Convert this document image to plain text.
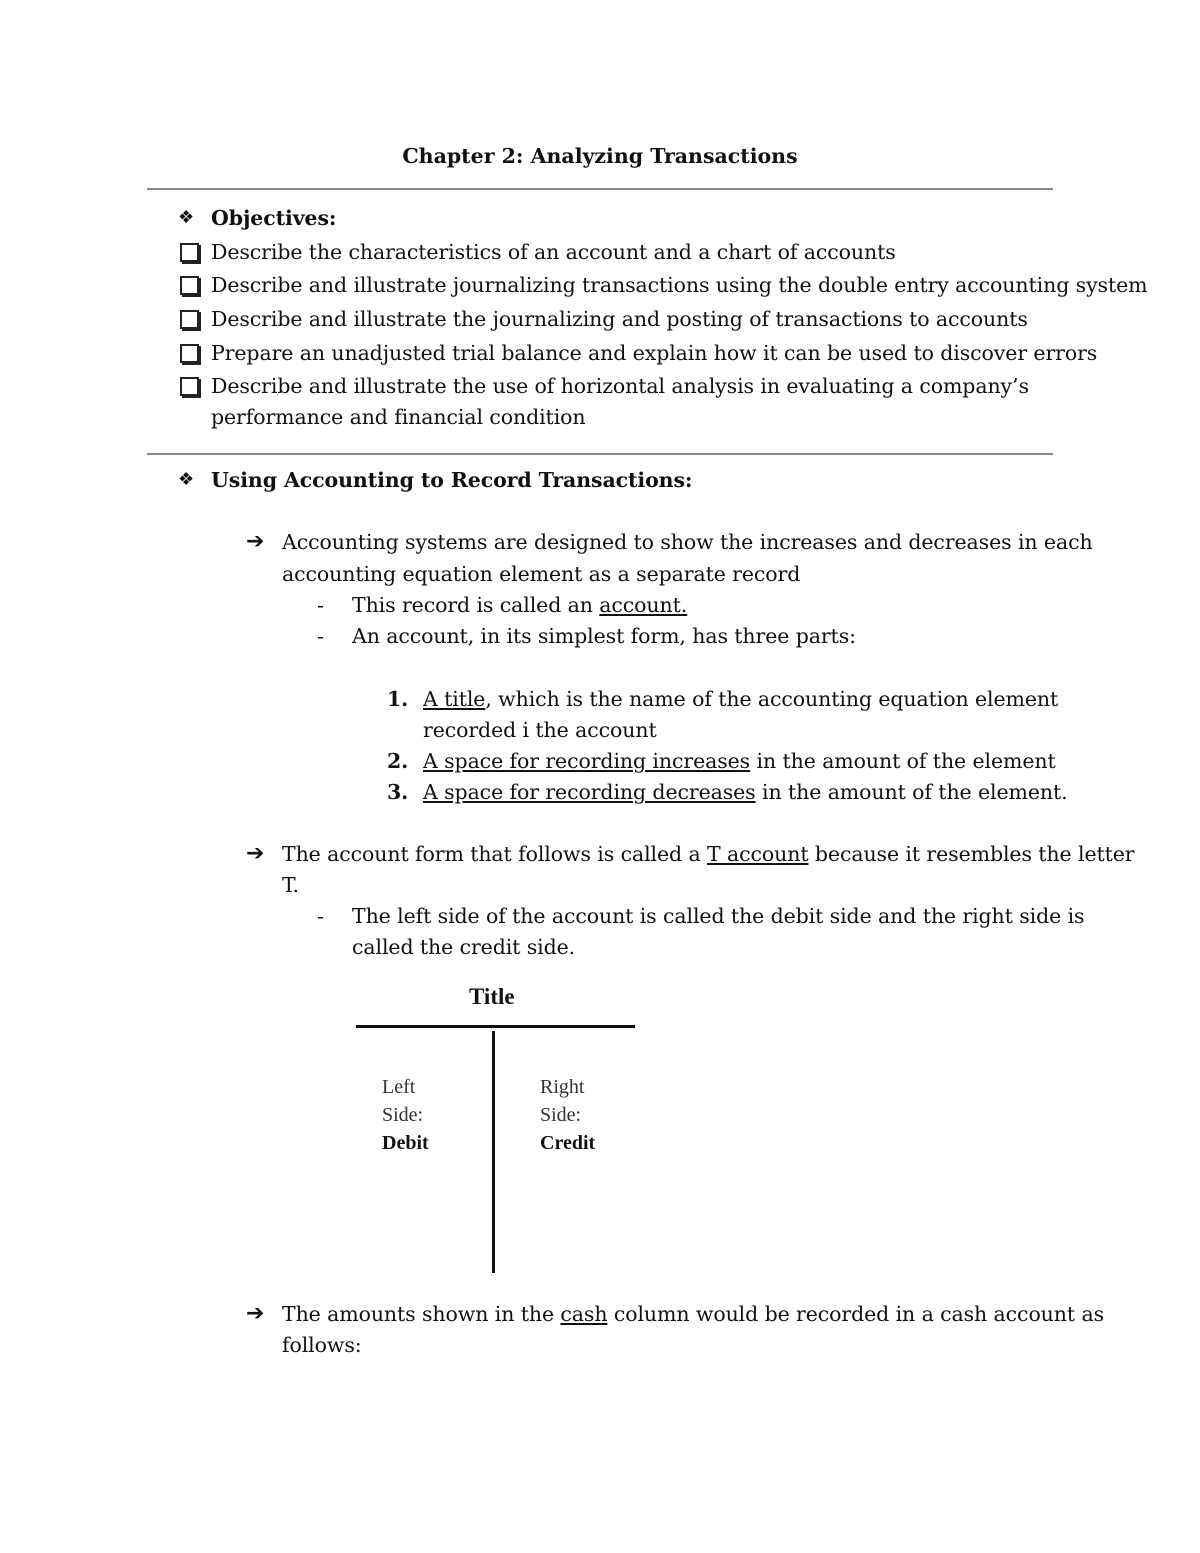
Chapter 2: Analyzing Transactions
❖ Objectives:
Describe the characteristics of an account and a chart of accounts
Describe and illustrate journalizing transactions using the double entry accounting system
Describe and illustrate the journalizing and posting of transactions to accounts
Prepare an unadjusted trial balance and explain how it can be used to discover errors
Describe and illustrate the use of horizontal analysis in evaluating a company’s
performance and financial condition
❖ Using Accounting to Record Transactions:
➔ Accounting systems are designed to show the increases and decreases in each
accounting equation element as a separate record
- This record is called an account.
- An account, in its simplest form, has three parts:
1. A title, which is the name of the accounting equation element
recorded i the account
2. A space for recording increases in the amount of the element
3. A space for recording decreases in the amount of the element.
➔ The account form that follows is called a T account because it resembles the letter
T.
- The left side of the account is called the debit side and the right side is
called the credit side.
Title
Left
Side:
Debit
Right
Side:
Credit
➔ The amounts shown in the cash column would be recorded in a cash account as
follows:
